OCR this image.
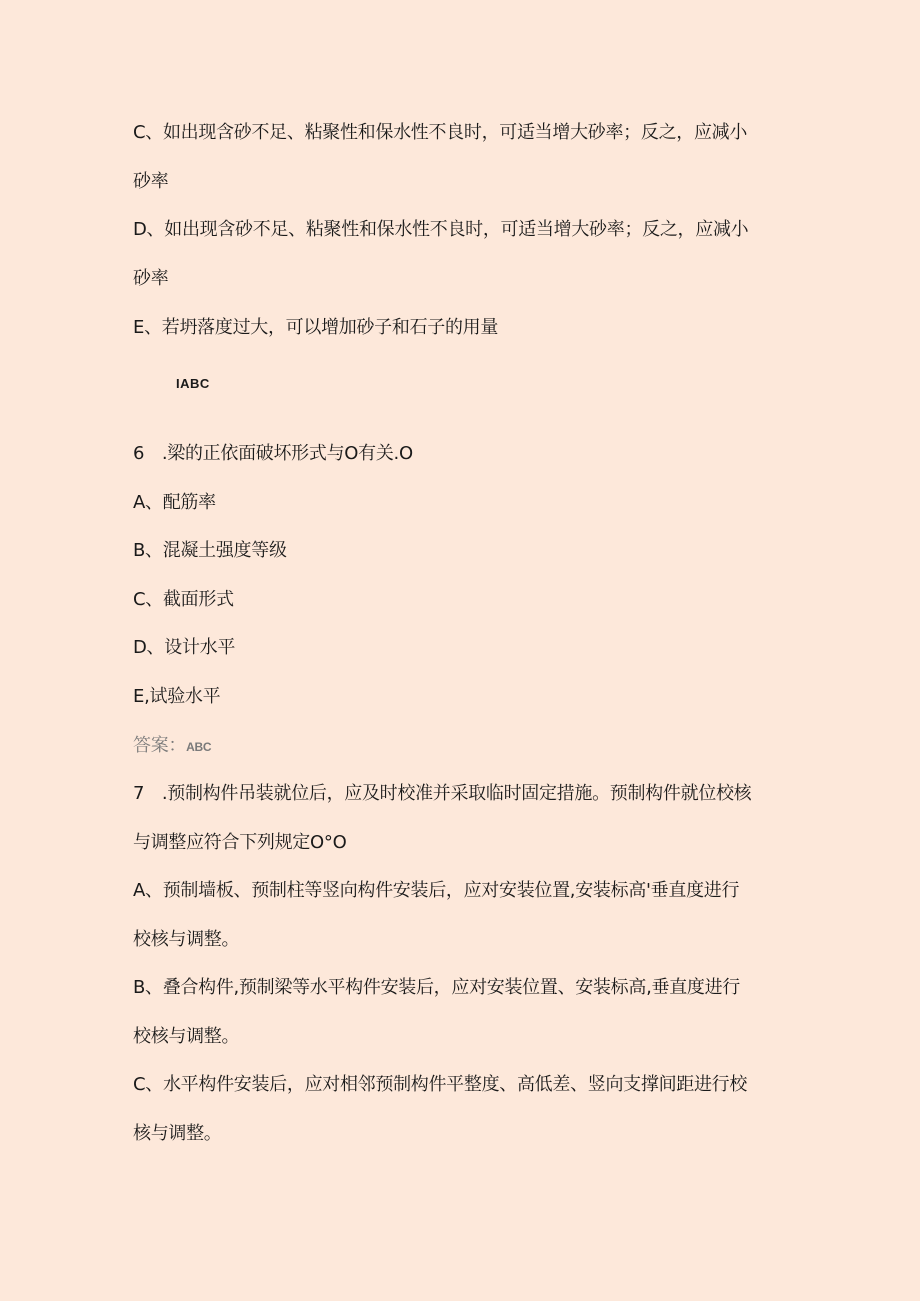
C、如出现含砂不足、粘聚性和保水性不良时，可适当增大砂率；反之，应减小
砂率
D、如出现含砂不足、粘聚性和保水性不良时，可适当增大砂率；反之，应减小
砂率
E、若坍落度过大，可以增加砂子和石子的用量
IABC
6　.梁的正依面破坏形式与O有关.O
A、配筋率
B、混凝土强度等级
C、截面形式
D、设计水平
E,试验水平
答案：ABC
7　.预制构件吊装就位后，应及时校准并采取临时固定措施。预制构件就位校核
与调整应符合下列规定O°O
A、预制墙板、预制柱等竖向构件安装后，应对安装位置,安装标高'垂直度进行
校核与调整。
B、叠合构件,预制梁等水平构件安装后，应对安装位置、安装标高,垂直度进行
校核与调整。
C、水平构件安装后，应对相邻预制构件平整度、高低差、竖向支撑间距进行校
核与调整。
